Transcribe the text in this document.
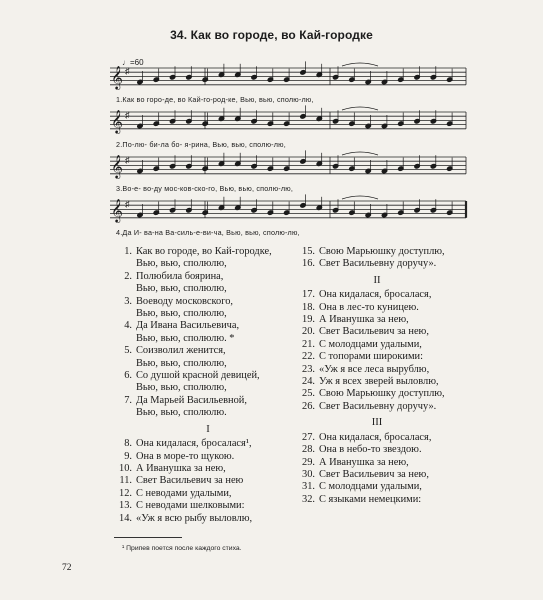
34. Как во городе, во Кай-городке
♩=60
𝄞 ♯
𝄞 ♯
𝄞 ♯
𝄞 ♯
1.Как во горо-де, во Кай-го-род-ке, Вью, вью, сполю-лю,
2.По-лю- би-ла бо- я-рина, Вью, вью, сполю-лю,
3.Во-е- во-ду мос-ков-ско-го, Вью, вью, сполю-лю,
4.Да И- ва-на Ва-силь-е-ви-ча, Вью, вью, сполю-лю,
1. Как во городе, во Кай-городке,
Вью, вью, сполюлю,
2. Полюбила боярина,
Вью, вью, сполюлю,
3. Воеводу московского,
Вью, вью, сполюлю,
4. Да Ивана Васильевича,
Вью, вью, сполюлю. *
5. Соизволил женится,
Вью, вью, сполюлю,
6. Со душой красной девицей,
Вью, вью, сполюлю,
7. Да Марьей Васильевной,
Вью, вью, сполюлю.
I
8. Она кидалася, бросалася¹,
9. Она в море-то щукою.
10. А Иванушка за нею,
11. Свет Васильевич за нею
12. С неводами удалыми,
13. С неводами шелковыми:
14. «Уж я всю рыбу выловлю,
15. Свою Марьюшку доступлю,
16. Свет Васильевну доручу».
II
17. Она кидалася, бросалася,
18. Она в лес-то куницею.
19. А Иванушка за нею,
20. Свет Васильевич за нею,
21. С молодцами удалыми,
22. С топорами широкими:
23. «Уж я все леса вырублю,
24. Уж я всех зверей выловлю,
25. Свою Марьюшку доступлю,
26. Свет Васильевну доручу».
III
27. Она кидалася, бросалася,
28. Она в небо-то звездою.
29. А Иванушка за нею,
30. Свет Васильевич за нею,
31. С молодцами удалыми,
32. С языками немецкими:
¹ Припев поется после каждого стиха.
72
